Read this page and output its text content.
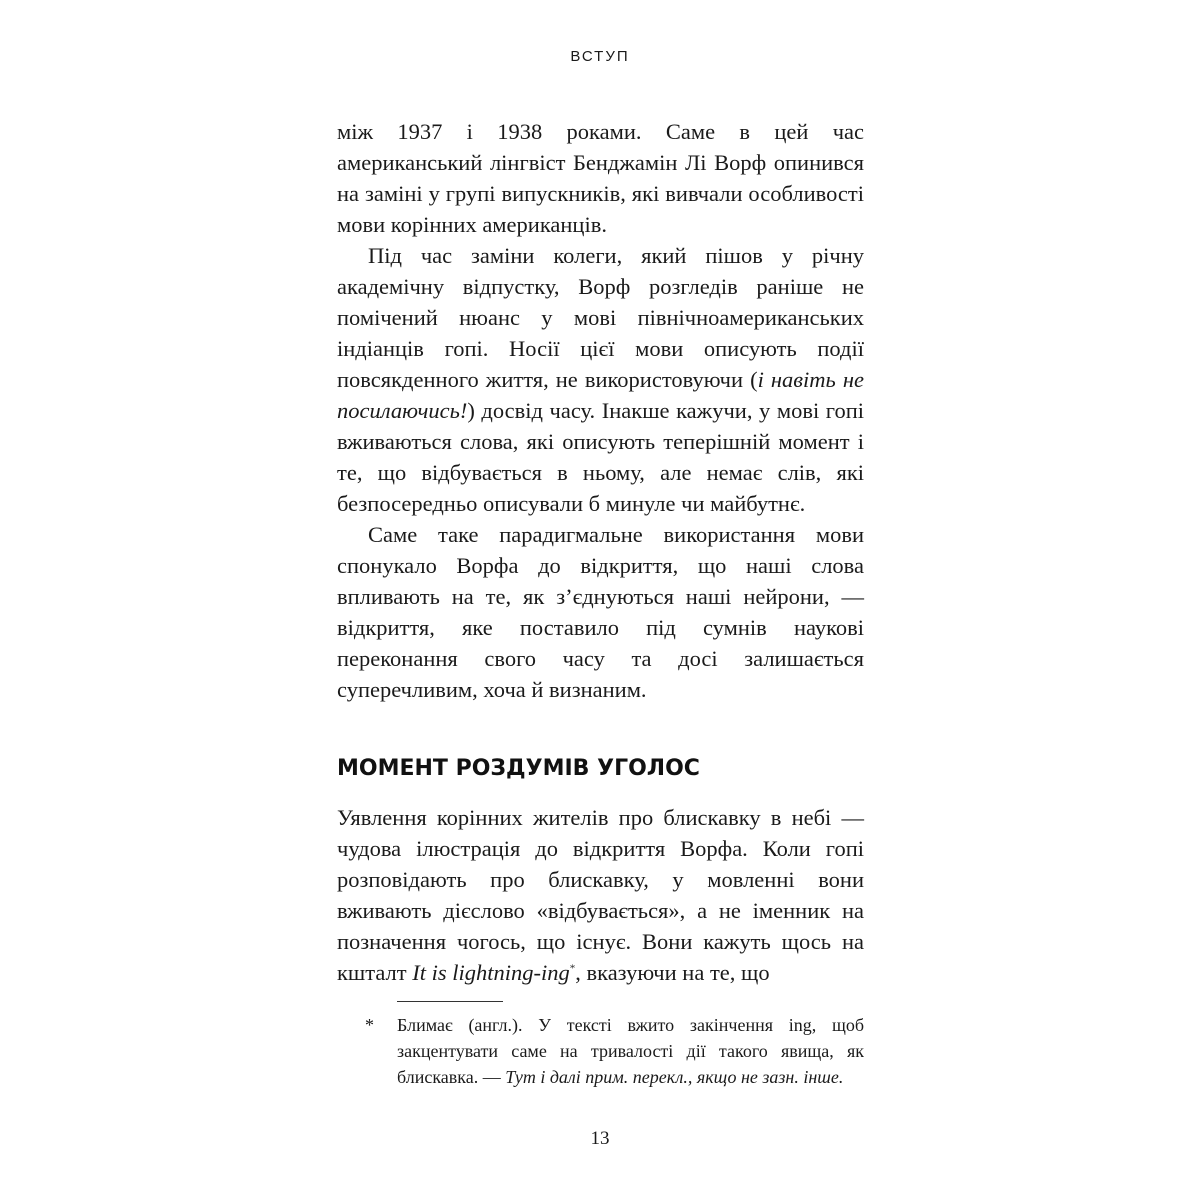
ВСТУП

між 1937 і 1938 роками. Саме в цей час американський лінгвіст Бенджамін Лі Ворф опинився на заміні у групі випускників, які вивчали особливості мови корінних американців.

Під час заміни колеги, який пішов у річну академічну відпустку, Ворф розгледів раніше не помічений нюанс у мові північноамериканських індіанців гопі. Носії цієї мови описують події повсякденного життя, не використовуючи (і навіть не посилаючись!) досвід часу. Інакше кажучи, у мові гопі вживаються слова, які описують теперішній момент і те, що відбувається в ньому, але немає слів, які безпосередньо описували б минуле чи майбутнє.

Саме таке парадигмальне використання мови спонукало Ворфа до відкриття, що наші слова впливають на те, як з’єднуються наші нейрони, — відкриття, яке поставило під сумнів наукові переконання свого часу та досі залишається суперечливим, хоча й визнаним.

МОМЕНТ РОЗДУМІВ УГОЛОС

Уявлення корінних жителів про блискавку в небі — чудова ілюстрація до відкриття Ворфа. Коли гопі розповідають про блискавку, у мовленні вони вживають дієслово «відбувається», а не іменник на позначення чогось, що існує. Вони кажуть щось на кшталт It is lightning-ing*, вказуючи на те, що

*	Блимає (англ.). У тексті вжито закінчення ing, щоб закцентувати саме на тривалості дії такого явища, як блискавка. — Тут і далі прим. перекл., якщо не зазн. інше.
13
